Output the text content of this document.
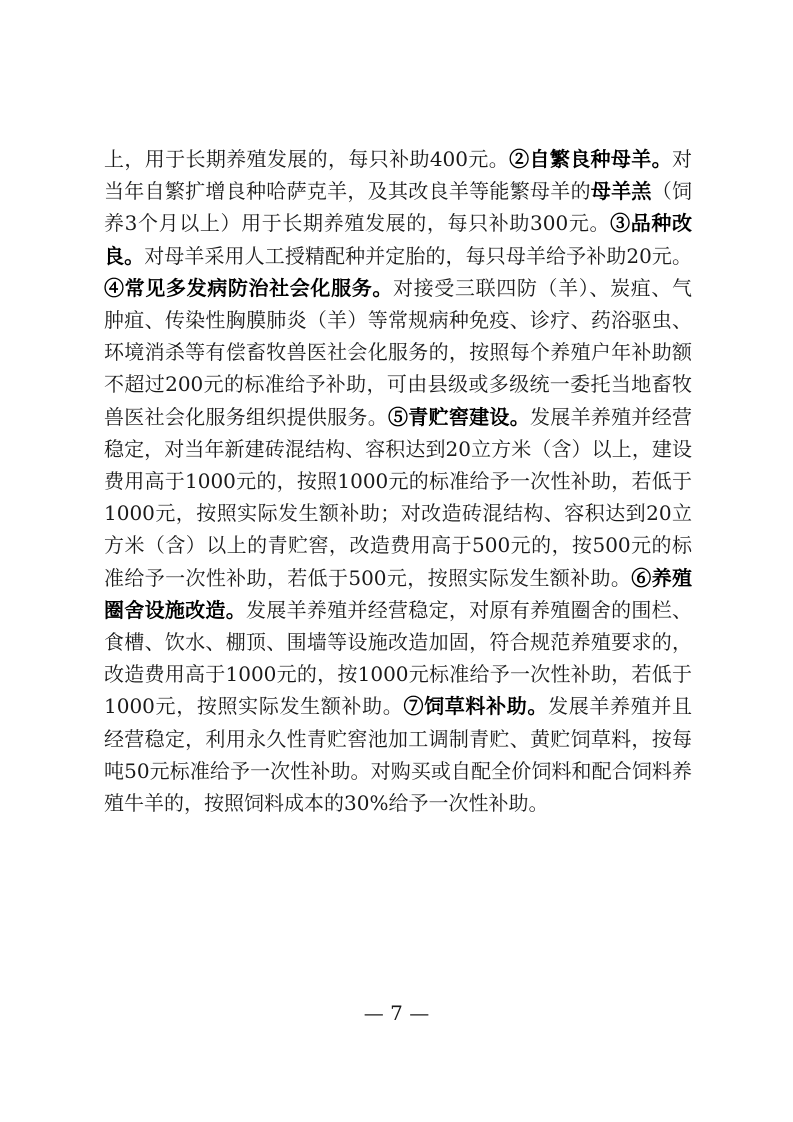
上，用于长期养殖发展的，每只补助400元。②自繁良种母羊。对当年自繁扩增良种哈萨克羊，及其改良羊等能繁母羊的母羊羔（饲养3个月以上）用于长期养殖发展的，每只补助300元。③品种改良。对母羊采用人工授精配种并定胎的，每只母羊给予补助20元。④常见多发病防治社会化服务。对接受三联四防（羊）、炭疽、气肿疽、传染性胸膜肺炎（羊）等常规病种免疫、诊疗、药浴驱虫、环境消杀等有偿畜牧兽医社会化服务的，按照每个养殖户年补助额不超过200元的标准给予补助，可由县级或多级统一委托当地畜牧兽医社会化服务组织提供服务。⑤青贮窖建设。发展羊养殖并经营稳定，对当年新建砖混结构、容积达到20立方米（含）以上，建设费用高于1000元的，按照1000元的标准给予一次性补助，若低于1000元，按照实际发生额补助；对改造砖混结构、容积达到20立方米（含）以上的青贮窖，改造费用高于500元的，按500元的标准给予一次性补助，若低于500元，按照实际发生额补助。⑥养殖圈舍设施改造。发展羊养殖并经营稳定，对原有养殖圈舍的围栏、食槽、饮水、棚顶、围墙等设施改造加固，符合规范养殖要求的，改造费用高于1000元的，按1000元标准给予一次性补助，若低于1000元，按照实际发生额补助。⑦饲草料补助。发展羊养殖并且经营稳定，利用永久性青贮窖池加工调制青贮、黄贮饲草料，按每吨50元标准给予一次性补助。对购买或自配全价饲料和配合饲料养殖牛羊的，按照饲料成本的30%给予一次性补助。

— 7 —
